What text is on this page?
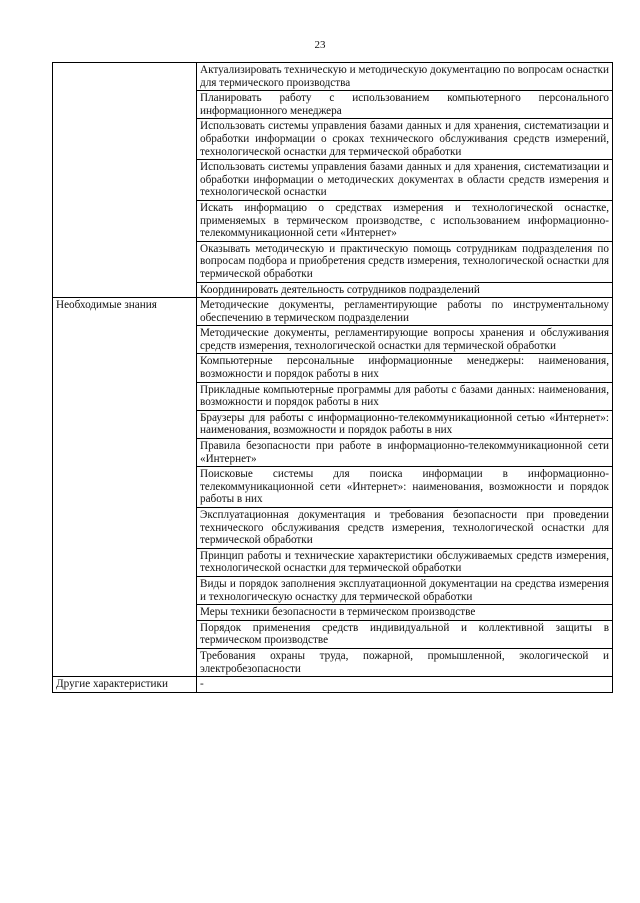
23
	Актуализировать техническую и методическую документацию по вопросам оснастки для термического производства
	Планировать работу с использованием компьютерного персонального информационного менеджера
	Использовать системы управления базами данных и для хранения, систематизации и обработки информации о сроках технического обслуживания средств измерений, технологической оснастки для термической обработки
	Использовать системы управления базами данных и для хранения, систематизации и обработки информации о методических документах в области средств измерения и технологической оснастки
	Искать информацию о средствах измерения и технологической оснастке, применяемых в термическом производстве, с использованием информационно-телекоммуникационной сети «Интернет»
	Оказывать методическую и практическую помощь сотрудникам подразделения по вопросам подбора и приобретения средств измерения, технологической оснастки для термической обработки
	Координировать деятельность сотрудников подразделений
Необходимые знания	Методические документы, регламентирующие работы по инструментальному обеспечению в термическом подразделении
	Методические документы, регламентирующие вопросы хранения и обслуживания средств измерения, технологической оснастки для термической обработки
	Компьютерные персональные информационные менеджеры: наименования, возможности и порядок работы в них
	Прикладные компьютерные программы для работы с базами данных: наименования, возможности и порядок работы в них
	Браузеры для работы с информационно-телекоммуникационной сетью «Интернет»: наименования, возможности и порядок работы в них
	Правила безопасности при работе в информационно-телекоммуникационной сети «Интернет»
	Поисковые системы для поиска информации в информационно-телекоммуникационной сети «Интернет»: наименования, возможности и порядок работы в них
	Эксплуатационная документация и требования безопасности при проведении технического обслуживания средств измерения, технологической оснастки для термической обработки
	Принцип работы и технические характеристики обслуживаемых средств измерения, технологической оснастки для термической обработки
	Виды и порядок заполнения эксплуатационной документации на средства измерения и технологическую оснастку для термической обработки
	Меры техники безопасности в термическом производстве
	Порядок применения средств индивидуальной и коллективной защиты в термическом производстве
	Требования охраны труда, пожарной, промышленной, экологической и электробезопасности
Другие характеристики	-
